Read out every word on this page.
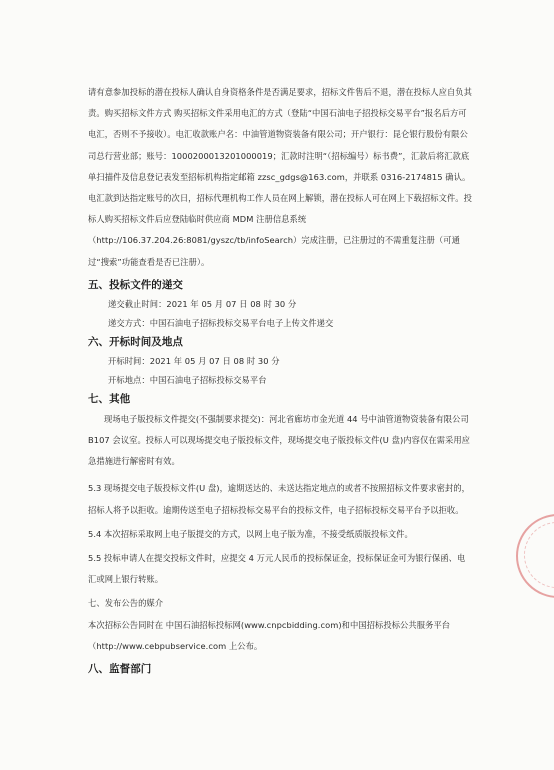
请有意参加投标的潜在投标人确认自身资格条件是否满足要求，招标文件售后不退，潜在投标人应自负其责。购买招标文件方式 购买招标文件采用电汇的方式（登陆“中国石油电子招投标交易平台”报名后方可电汇，否则不予接收）。电汇收款账户名：中油管道物资装备有限公司；开户银行：昆仑银行股份有限公司总行营业部；账号：1000200013201000019；汇款时注明“（招标编号）标书费”，汇款后将汇款底单扫描件及信息登记表发至招标机构指定邮箱 zzsc_gdgs@163.com，并联系 0316-2174815 确认。电汇款到达指定账号的次日，招标代理机构工作人员在网上解锁，潜在投标人可在网上下载招标文件。投标人购买招标文件后应登陆临时供应商 MDM 注册信息系统

（http://106.37.204.26:8081/gyszc/tb/infoSearch）完成注册，已注册过的不需重复注册（可通过“搜索”功能查看是否已注册）。

五、投标文件的递交

递交截止时间：2021 年 05 月 07 日 08 时 30 分

递交方式：中国石油电子招标投标交易平台电子上传文件递交

六、开标时间及地点

开标时间：2021 年 05 月 07 日 08 时 30 分

开标地点：中国石油电子招标投标交易平台

七、其他

现场电子版投标文件提交(不强制要求提交)：河北省廊坊市金光道 44 号中油管道物资装备有限公司 B107 会议室。投标人可以现场提交电子版投标文件，现场提交电子版投标文件(U 盘)内容仅在需采用应急措施进行解密时有效。

5.3 现场提交电子版投标文件(U 盘)，逾期送达的、未送达指定地点的或者不按照招标文件要求密封的，招标人将予以拒收。逾期传送至电子招标投标交易平台的投标文件，电子招标投标交易平台予以拒收。

5.4 本次招标采取网上电子版提交的方式，以网上电子版为准，不接受纸质版投标文件。

5.5 投标申请人在提交投标文件时，应提交 4 万元人民币的投标保证金，投标保证金可为银行保函、电汇或网上银行转账。

七、发布公告的媒介

本次招标公告同时在 中国石油招标投标网(www.cnpcbidding.com)和中国招标投标公共服务平台（http://www.cebpubservice.com 上公布。

八、监督部门
